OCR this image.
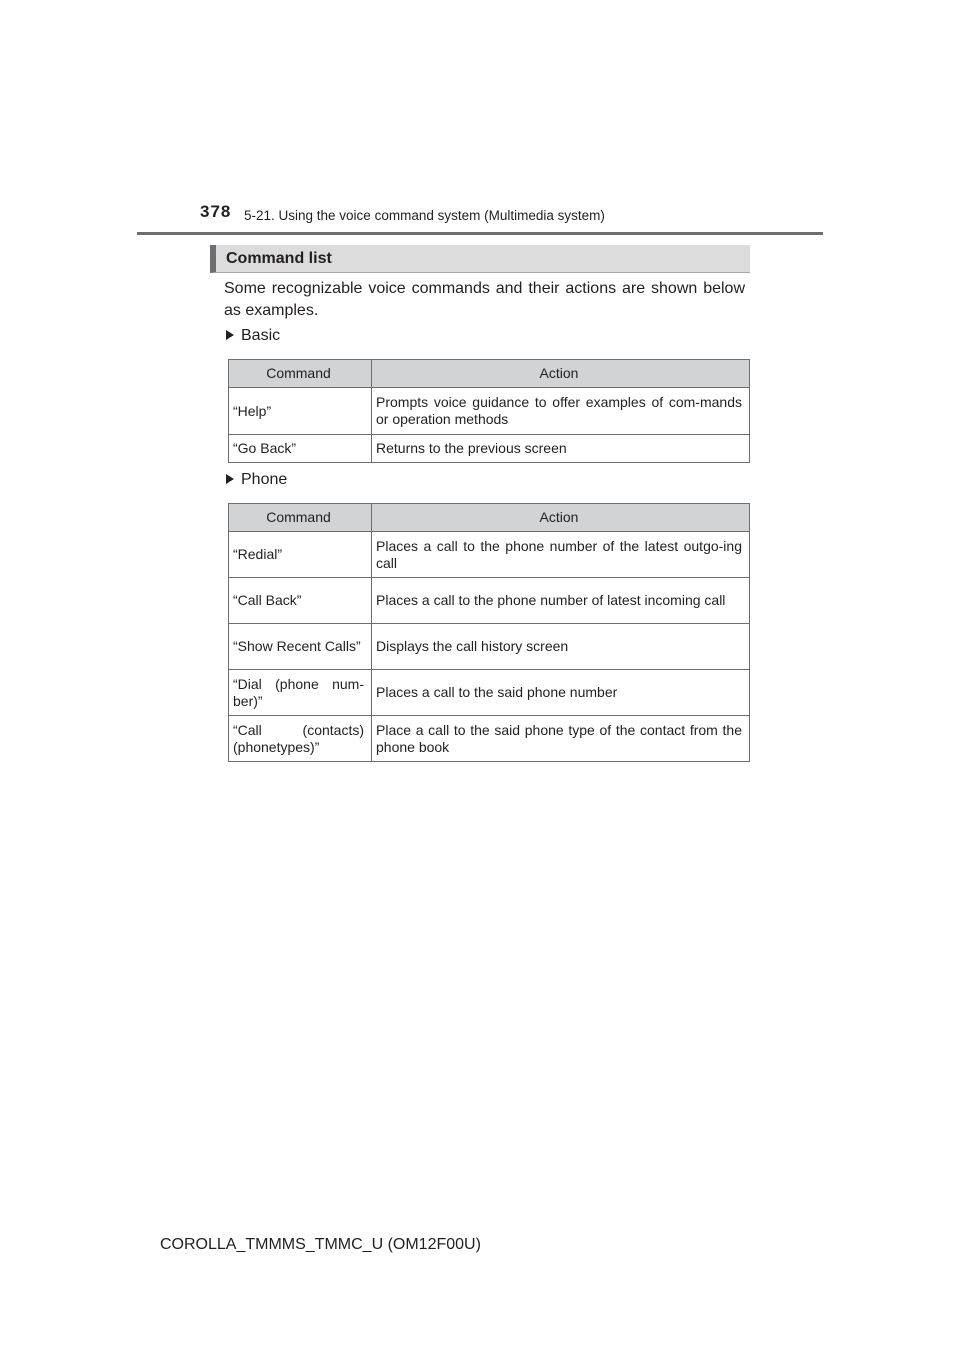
378 5-21. Using the voice command system (Multimedia system)
Command list
Some recognizable voice commands and their actions are shown below as examples.
Basic
Command	Action
“Help”	Prompts voice guidance to offer examples of com-mands or operation methods
“Go Back”	Returns to the previous screen
Phone
Command	Action
“Redial”	Places a call to the phone number of the latest outgo-ing call
“Call Back”	Places a call to the phone number of latest incoming call
“Show Recent Calls”	Displays the call history screen
“Dial (phone num-ber)”	Places a call to the said phone number
“Call (contacts) (phonetypes)”	Place a call to the said phone type of the contact from the phone book
COROLLA_TMMMS_TMMC_U (OM12F00U)
